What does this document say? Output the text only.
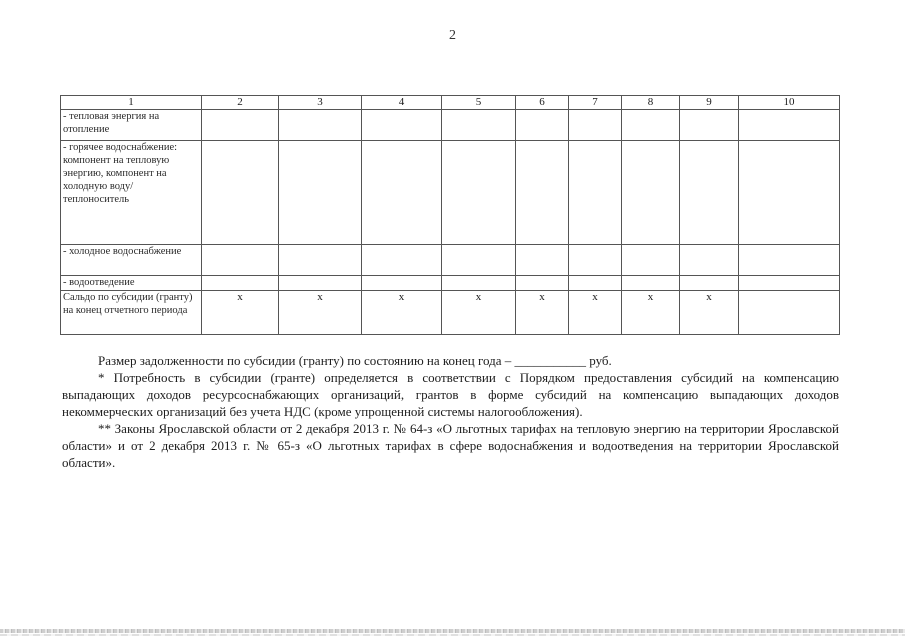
2
1	2	3	4	5	6	7	8	9	10
- тепловая энергия на отопление									
- горячее водоснабжение: компонент на тепловую энергию, компонент на холодную воду/ теплоноситель									
- холодное водоснабжение									
- водоотведение									
Сальдо по субсидии (гранту) на конец отчетного периода	x	x	x	x	x	x	x	x	

Размер задолженности по субсидии (гранту) по состоянию на конец года – ___________ руб.

* Потребность в субсидии (гранте) определяется в соответствии с Порядком предоставления субсидий на компенсацию выпадающих доходов ресурсоснабжающих организаций, грантов в форме субсидий на компенсацию выпадающих доходов некоммерческих организаций без учета НДС (кроме упрощенной системы налогообложения).

** Законы Ярославской области от 2 декабря 2013 г. № 64-з «О льготных тарифах на тепловую энергию на территории Ярославской области» и от 2 декабря 2013 г. № 65-з «О льготных тарифах в сфере водоснабжения и водоотведения на территории Ярославской области».
